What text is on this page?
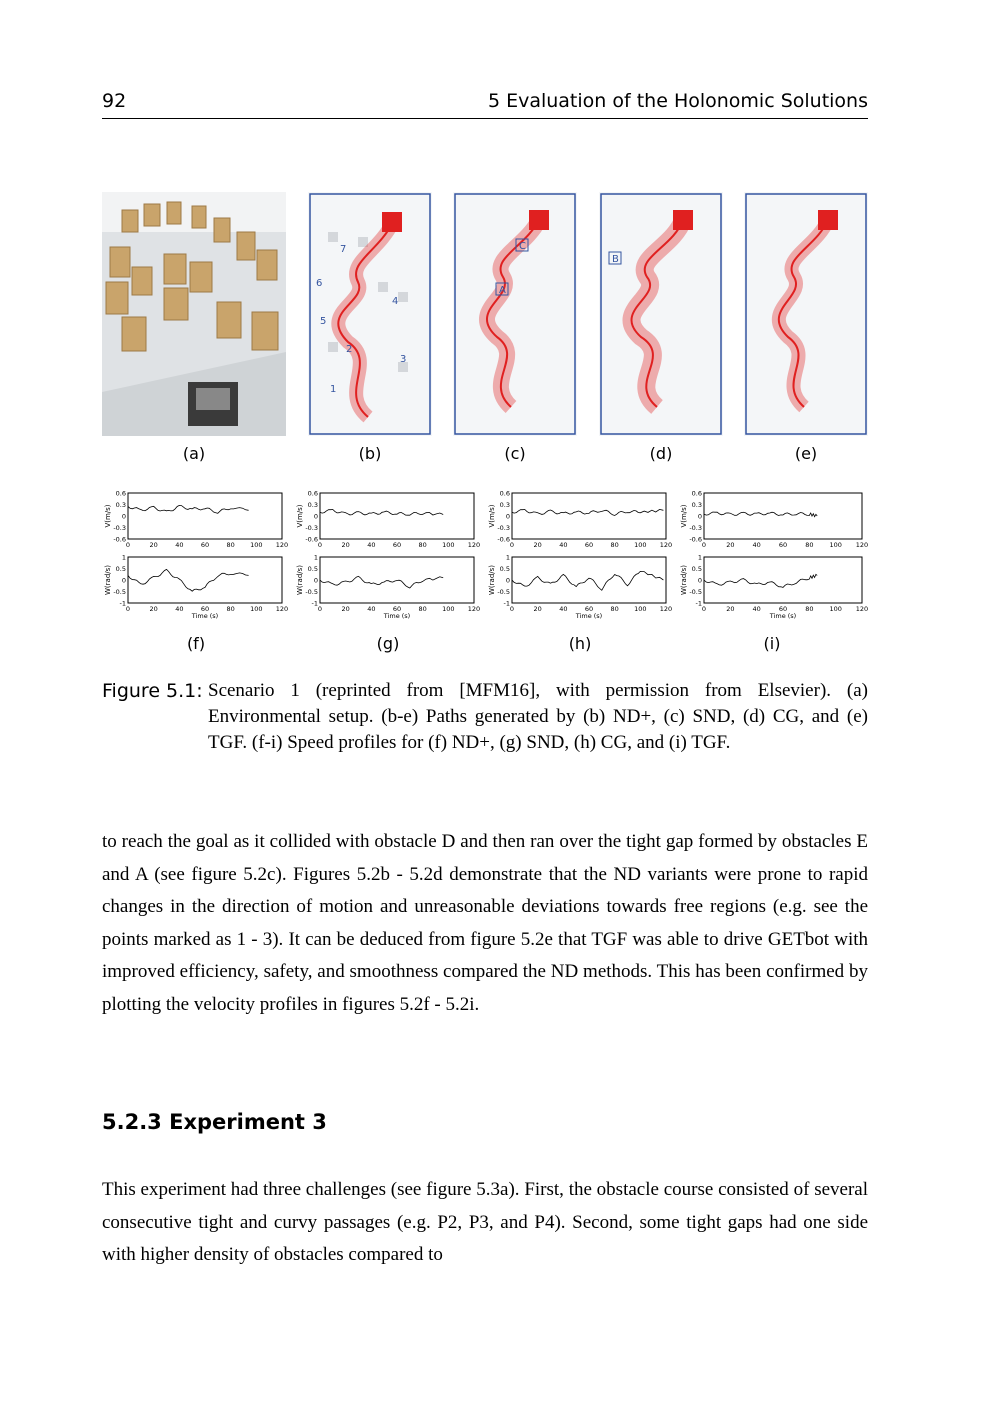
92	5 Evaluation of the Holonomic Solutions
1
2
3
4
5
6
7	C
A
B
(a)	(b)	(c)	(d)	(e)
V(m/s)
0.6
0.3
0
-0.3
-0.6
0	20	40	60	80 100 120
W(rad/s)
1
0.5
0
-0.5
-1
0	20	40	60	80 100 120
Time (s)
V(m/s)
0.6
0.3
0
-0.3
-0.6
0	20	40	60	80 100 120
W(rad/s)
1
0.5
0
-0.5
-1
0	20	40	60	80 100 120
Time (s)
V(m/s)
0.6
0.3
0
-0.3
-0.6
0	20	40	60	80 100 120
W(rad/s)
1
0.5
0
-0.5
-1
0	20	40	60	80 100 120
Time (s)
V(m/s)
0.6
0.3
0
-0.3
-0.6
0	20	40	60	80 100 120
W(rad/s)
1
0.5
0
-0.5
-1
0	20	40	60	80 100 120
Time (s)
(f)	(g)	(h)	(i)
Figure 5.1: Scenario 1 (reprinted from [MFM16], with permission from Elsevier). (a) Environmental setup. (b-e) Paths generated by (b) ND+, (c) SND, (d) CG, and (e) TGF. (f-i) Speed profiles for (f) ND+, (g) SND, (h) CG, and (i) TGF.
to reach the goal as it collided with obstacle D and then ran over the tight gap formed by obstacles E and A (see figure 5.2c). Figures 5.2b - 5.2d demonstrate that the ND variants were prone to rapid changes in the direction of motion and unreasonable deviations towards free regions (e.g. see the points marked as 1 - 3). It can be deduced from figure 5.2e that TGF was able to drive GETbot with improved efficiency, safety, and smoothness compared the ND methods. This has been confirmed by plotting the velocity profiles in figures 5.2f - 5.2i.
5.2.3 Experiment 3
This experiment had three challenges (see figure 5.3a). First, the obstacle course consisted of several consecutive tight and curvy passages (e.g. P2, P3, and P4). Second, some tight gaps had one side with higher density of obstacles compared to
